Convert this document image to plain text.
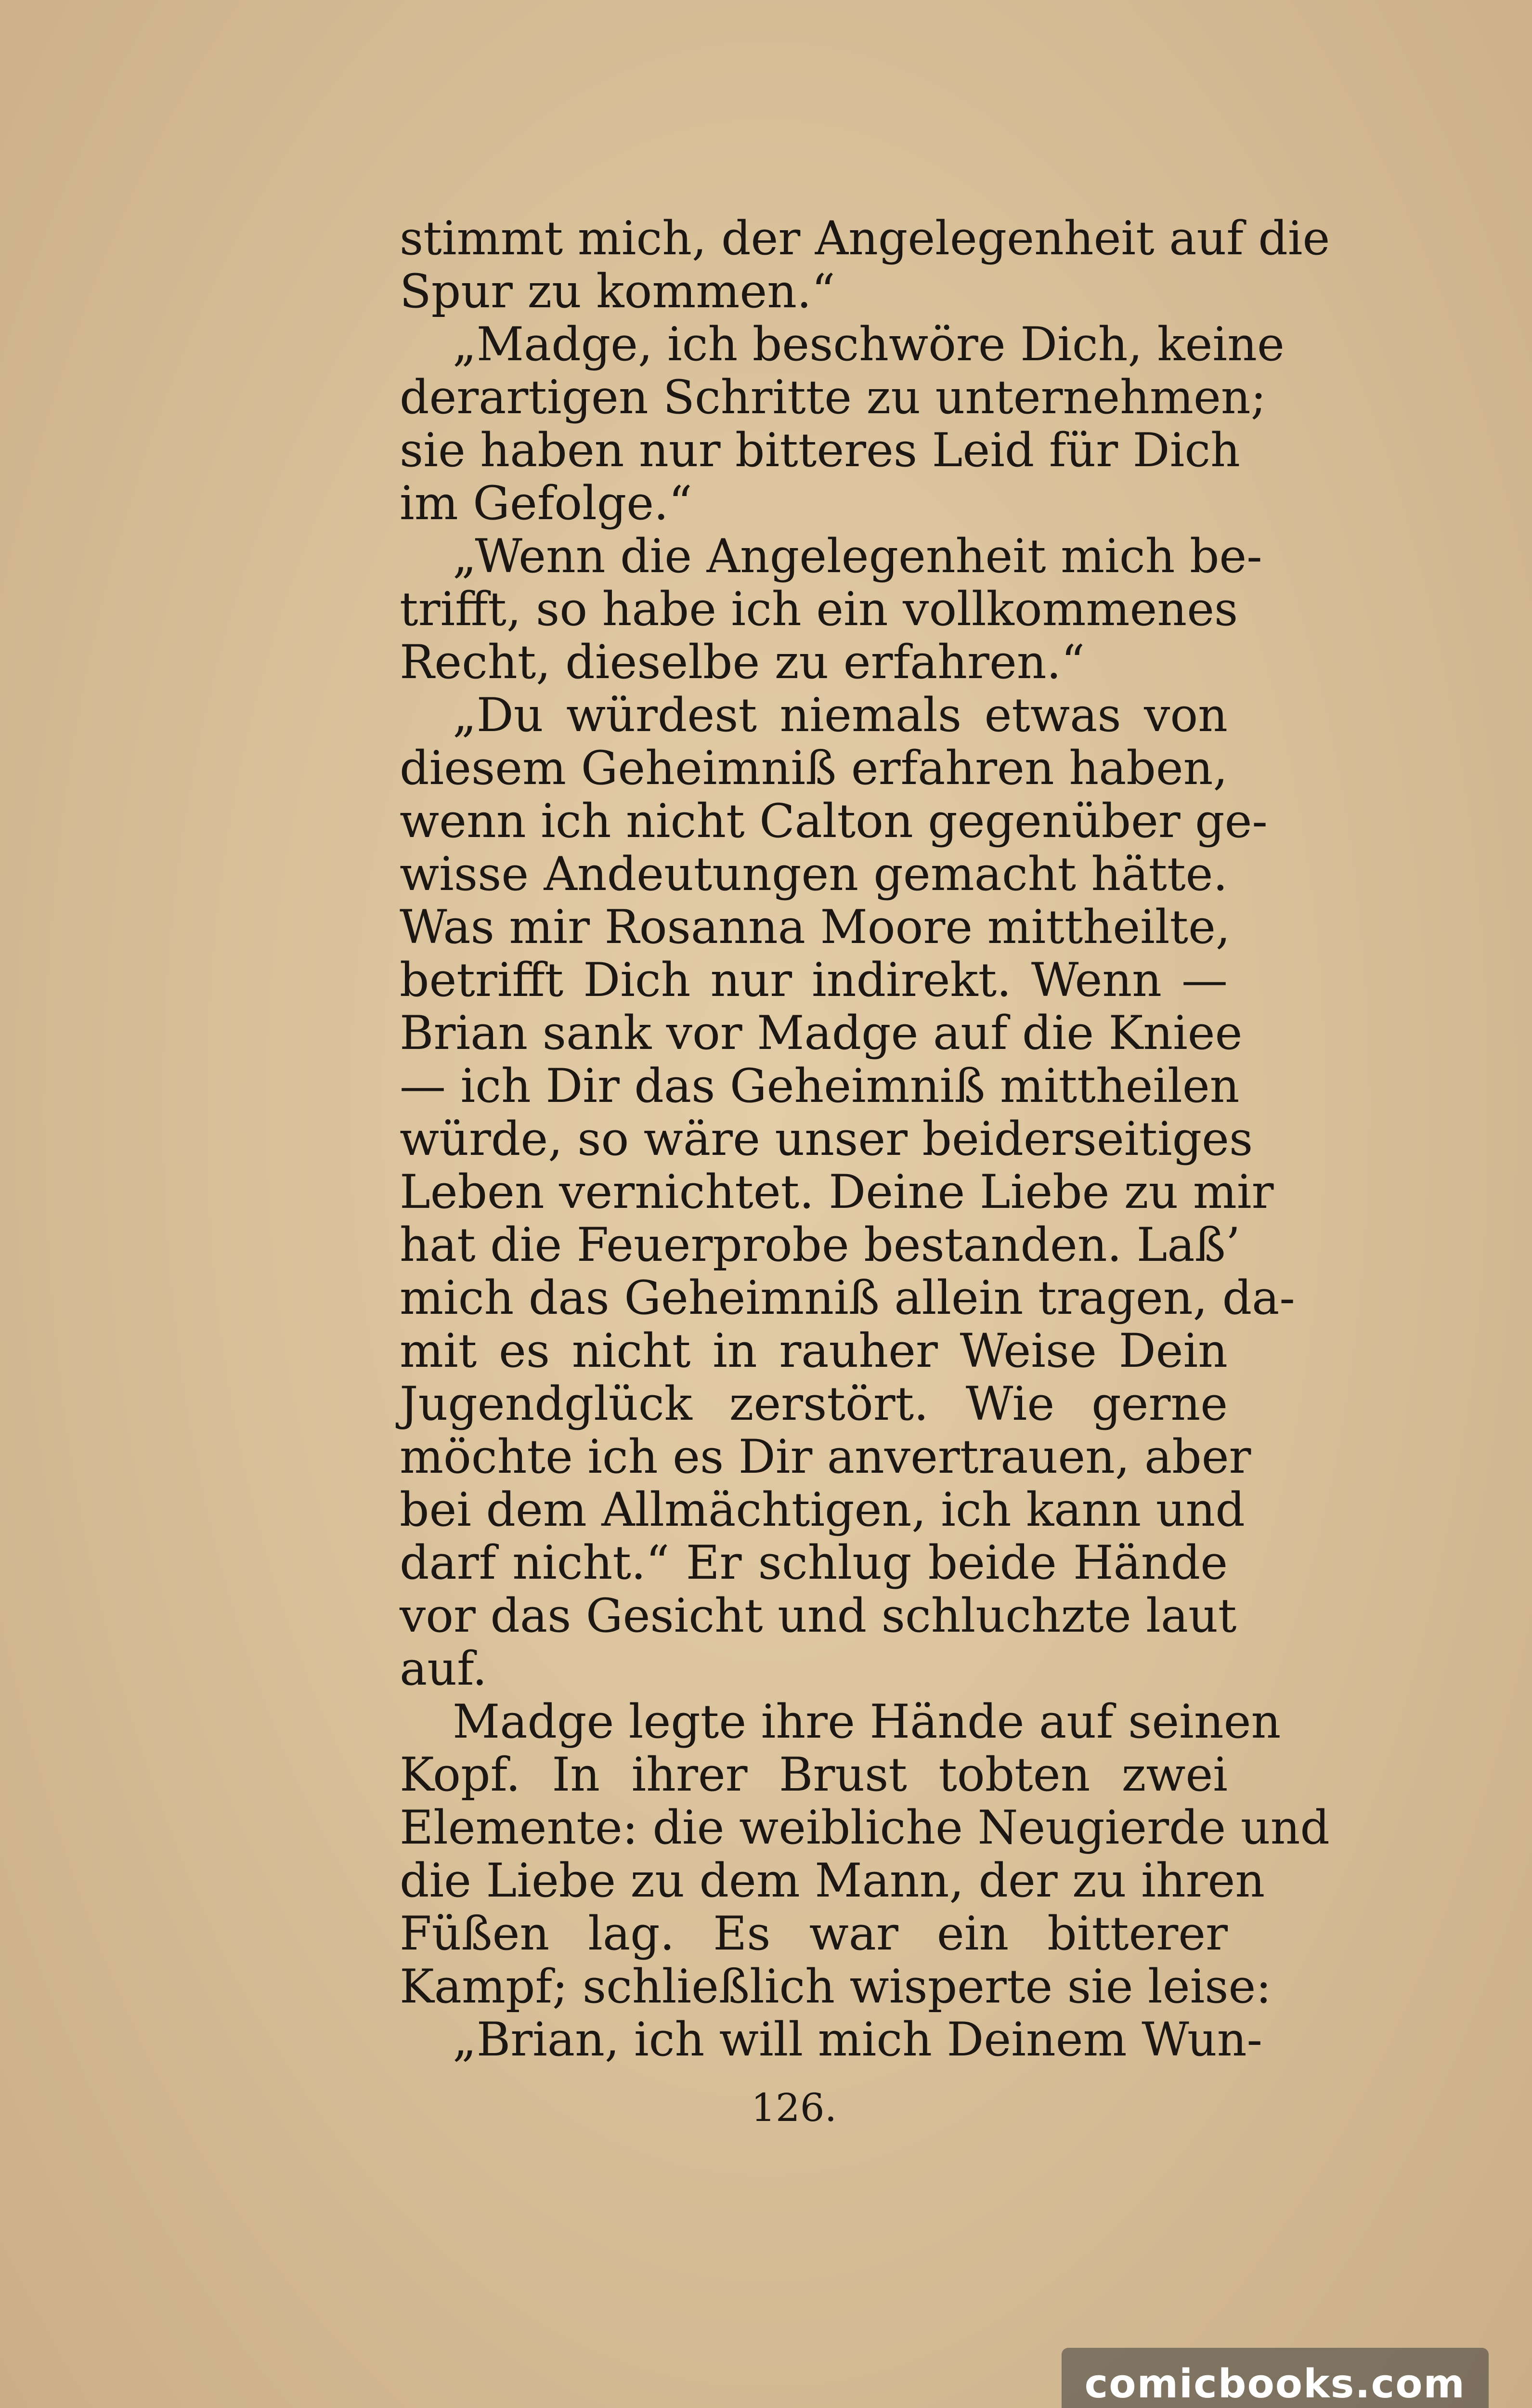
stimmt mich, der Angelegenheit auf die
Spur zu kommen.“
„Madge, ich beschwöre Dich, keine
derartigen Schritte zu unternehmen;
sie haben nur bitteres Leid für Dich
im Gefolge.“
„Wenn die Angelegenheit mich be-
trifft, so habe ich ein vollkommenes
Recht, dieselbe zu erfahren.“
„Du würdest niemals etwas von
diesem Geheimniß erfahren haben,
wenn ich nicht Calton gegenüber ge-
wisse Andeutungen gemacht hätte.
Was mir Rosanna Moore mittheilte,
betrifft Dich nur indirekt. Wenn —
Brian sank vor Madge auf die Kniee
— ich Dir das Geheimniß mittheilen
würde, so wäre unser beiderseitiges
Leben vernichtet. Deine Liebe zu mir
hat die Feuerprobe bestanden. Laß’
mich das Geheimniß allein tragen, da-
mit es nicht in rauher Weise Dein
Jugendglück zerstört. Wie gerne
möchte ich es Dir anvertrauen, aber
bei dem Allmächtigen, ich kann und
darf nicht.“ Er schlug beide Hände
vor das Gesicht und schluchzte laut
auf.
Madge legte ihre Hände auf seinen
Kopf. In ihrer Brust tobten zwei
Elemente: die weibliche Neugierde und
die Liebe zu dem Mann, der zu ihren
Füßen lag. Es war ein bitterer
Kampf; schließlich wisperte sie leise:
„Brian, ich will mich Deinem Wun-
126.
comicbooks.com
